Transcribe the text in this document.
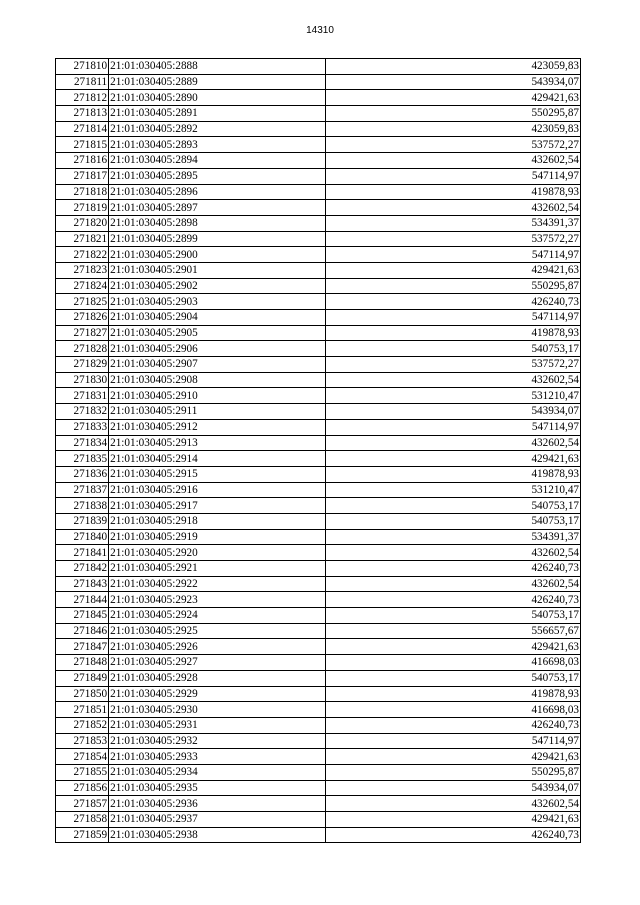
14310
271810	21:01:030405:2888	423059,83
271811	21:01:030405:2889	543934,07
271812	21:01:030405:2890	429421,63
271813	21:01:030405:2891	550295,87
271814	21:01:030405:2892	423059,83
271815	21:01:030405:2893	537572,27
271816	21:01:030405:2894	432602,54
271817	21:01:030405:2895	547114,97
271818	21:01:030405:2896	419878,93
271819	21:01:030405:2897	432602,54
271820	21:01:030405:2898	534391,37
271821	21:01:030405:2899	537572,27
271822	21:01:030405:2900	547114,97
271823	21:01:030405:2901	429421,63
271824	21:01:030405:2902	550295,87
271825	21:01:030405:2903	426240,73
271826	21:01:030405:2904	547114,97
271827	21:01:030405:2905	419878,93
271828	21:01:030405:2906	540753,17
271829	21:01:030405:2907	537572,27
271830	21:01:030405:2908	432602,54
271831	21:01:030405:2910	531210,47
271832	21:01:030405:2911	543934,07
271833	21:01:030405:2912	547114,97
271834	21:01:030405:2913	432602,54
271835	21:01:030405:2914	429421,63
271836	21:01:030405:2915	419878,93
271837	21:01:030405:2916	531210,47
271838	21:01:030405:2917	540753,17
271839	21:01:030405:2918	540753,17
271840	21:01:030405:2919	534391,37
271841	21:01:030405:2920	432602,54
271842	21:01:030405:2921	426240,73
271843	21:01:030405:2922	432602,54
271844	21:01:030405:2923	426240,73
271845	21:01:030405:2924	540753,17
271846	21:01:030405:2925	556657,67
271847	21:01:030405:2926	429421,63
271848	21:01:030405:2927	416698,03
271849	21:01:030405:2928	540753,17
271850	21:01:030405:2929	419878,93
271851	21:01:030405:2930	416698,03
271852	21:01:030405:2931	426240,73
271853	21:01:030405:2932	547114,97
271854	21:01:030405:2933	429421,63
271855	21:01:030405:2934	550295,87
271856	21:01:030405:2935	543934,07
271857	21:01:030405:2936	432602,54
271858	21:01:030405:2937	429421,63
271859	21:01:030405:2938	426240,73
